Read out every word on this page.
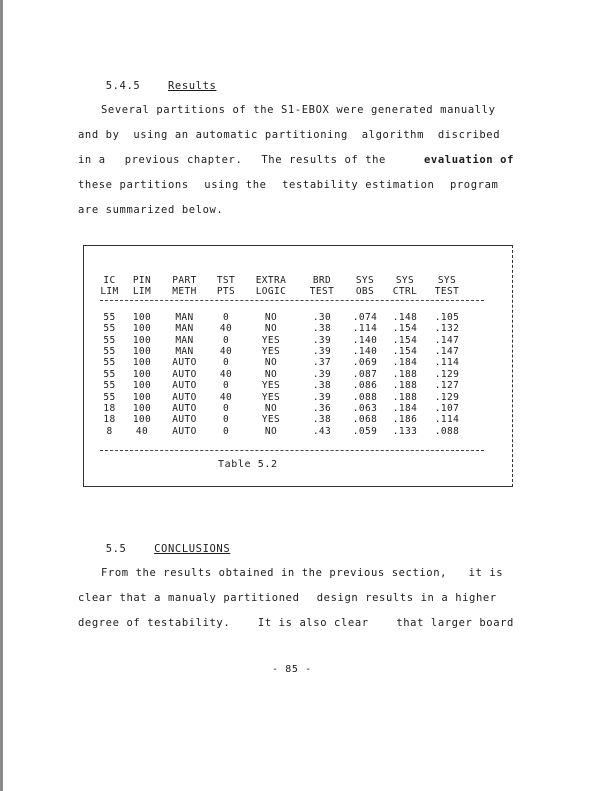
5.4.5	Results

Several partitions of the S1-EBOX were generated manually
and by using an automatic partitioning algorithm discribed
in a previous chapter. The results of the	evaluation of
these partitions using the testability estimation program
are summarized below.
IC	PIN	PART	TST	EXTRA	BRD	SYS	SYS	SYS
LIM	LIM	METH	PTS	LOGIC	TEST	OBS	CTRL	TEST
55	100	MAN	0	NO	.30	.074	.148	.105
55	100	MAN	40	NO	.38	.114	.154	.132
55	100	MAN	0	YES	.39	.140	.154	.147
55	100	MAN	40	YES	.39	.140	.154	.147
55	100	AUTO	0	NO	.37	.069	.184	.114
55	100	AUTO	40	NO	.39	.087	.188	.129
55	100	AUTO	0	YES	.38	.086	.188	.127
55	100	AUTO	40	YES	.39	.088	.188	.129
18	100	AUTO	0	NO	.36	.063	.184	.107
18	100	AUTO	0	YES	.38	.068	.186	.114
8	40	AUTO	0	NO	.43	.059	.133	.088
Table 5.2

5.5	CONCLUSIONS

From the results obtained in the previous section, it is
clear that a manualy partitioned design results in a higher
degree of testability.	It is also clear	that larger board
- 85 -
